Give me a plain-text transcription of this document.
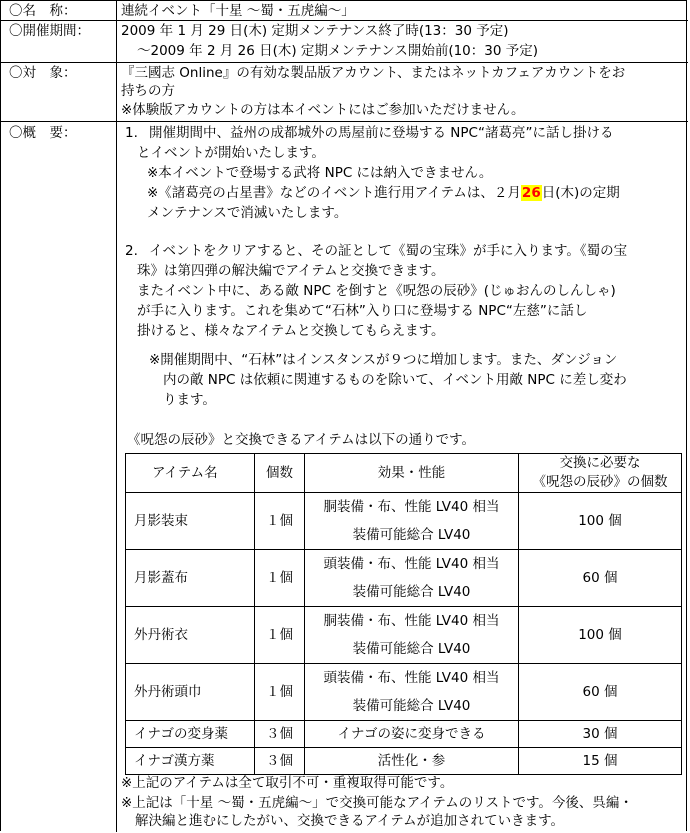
〇名　称：	連続イベント「十星 〜蜀・五虎編〜」
〇開催期間： 2009 年 1 月 29 日(木) 定期メンテナンス終了時(13：30 予定)
〜2009 年 2 月 26 日(木) 定期メンテナンス開始前(10：30 予定)
〇対　象：	『三國志 Online』の有効な製品版アカウント、またはネットカフェアカウントをお
持ちの方
※体験版アカウントの方は本イベントにはご参加いただけません。
〇概　要：	1. 開催期間中、益州の成都城外の馬屋前に登場する NPC“諸葛亮”に話し掛ける
とイベントが開始いたします。
※本イベントで登場する武将 NPC には納入できません。
※《諸葛亮の占星書》などのイベント進行用アイテムは、２月26日(木)の定期
メンテナンスで消滅いたします。
2. イベントをクリアすると、その証として《蜀の宝珠》が手に入ります。《蜀の宝
珠》は第四弾の解決編でアイテムと交換できます。
またイベント中に、ある敵 NPC を倒すと《呪怨の辰砂》(じゅおんのしんしゃ)
が手に入ります。これを集めて“石林”入り口に登場する NPC“左慈”に話し
掛けると、様々なアイテムと交換してもらえます。
※開催期間中、“石林”はインスタンスが９つに増加します。また、ダンジョン
内の敵 NPC は依頼に関連するものを除いて、イベント用敵 NPC に差し変わ
ります。
《呪怨の辰砂》と交換できるアイテムは以下の通りです。
アイテム名	個数	効果・性能	交換に必要な
《呪怨の辰砂》の個数

月影装束	１個	胴装備・布、性能 LV40 相当
装備可能総合 LV40	100 個
月影蓋布	１個	頭装備・布、性能 LV40 相当
装備可能総合 LV40	60 個
外丹術衣	１個	胴装備・布、性能 LV40 相当
装備可能総合 LV40	100 個
外丹術頭巾	１個	頭装備・布、性能 LV40 相当
装備可能総合 LV40	60 個
イナゴの変身薬	３個	イナゴの姿に変身できる	30 個
イナゴ漢方薬	３個	活性化・参	15 個
※上記のアイテムは全て取引不可・重複取得可能です。
※上記は「十星 〜蜀・五虎編〜」で交換可能なアイテムのリストです。今後、呉編・
解決編と進むにしたがい、交換できるアイテムが追加されていきます。
